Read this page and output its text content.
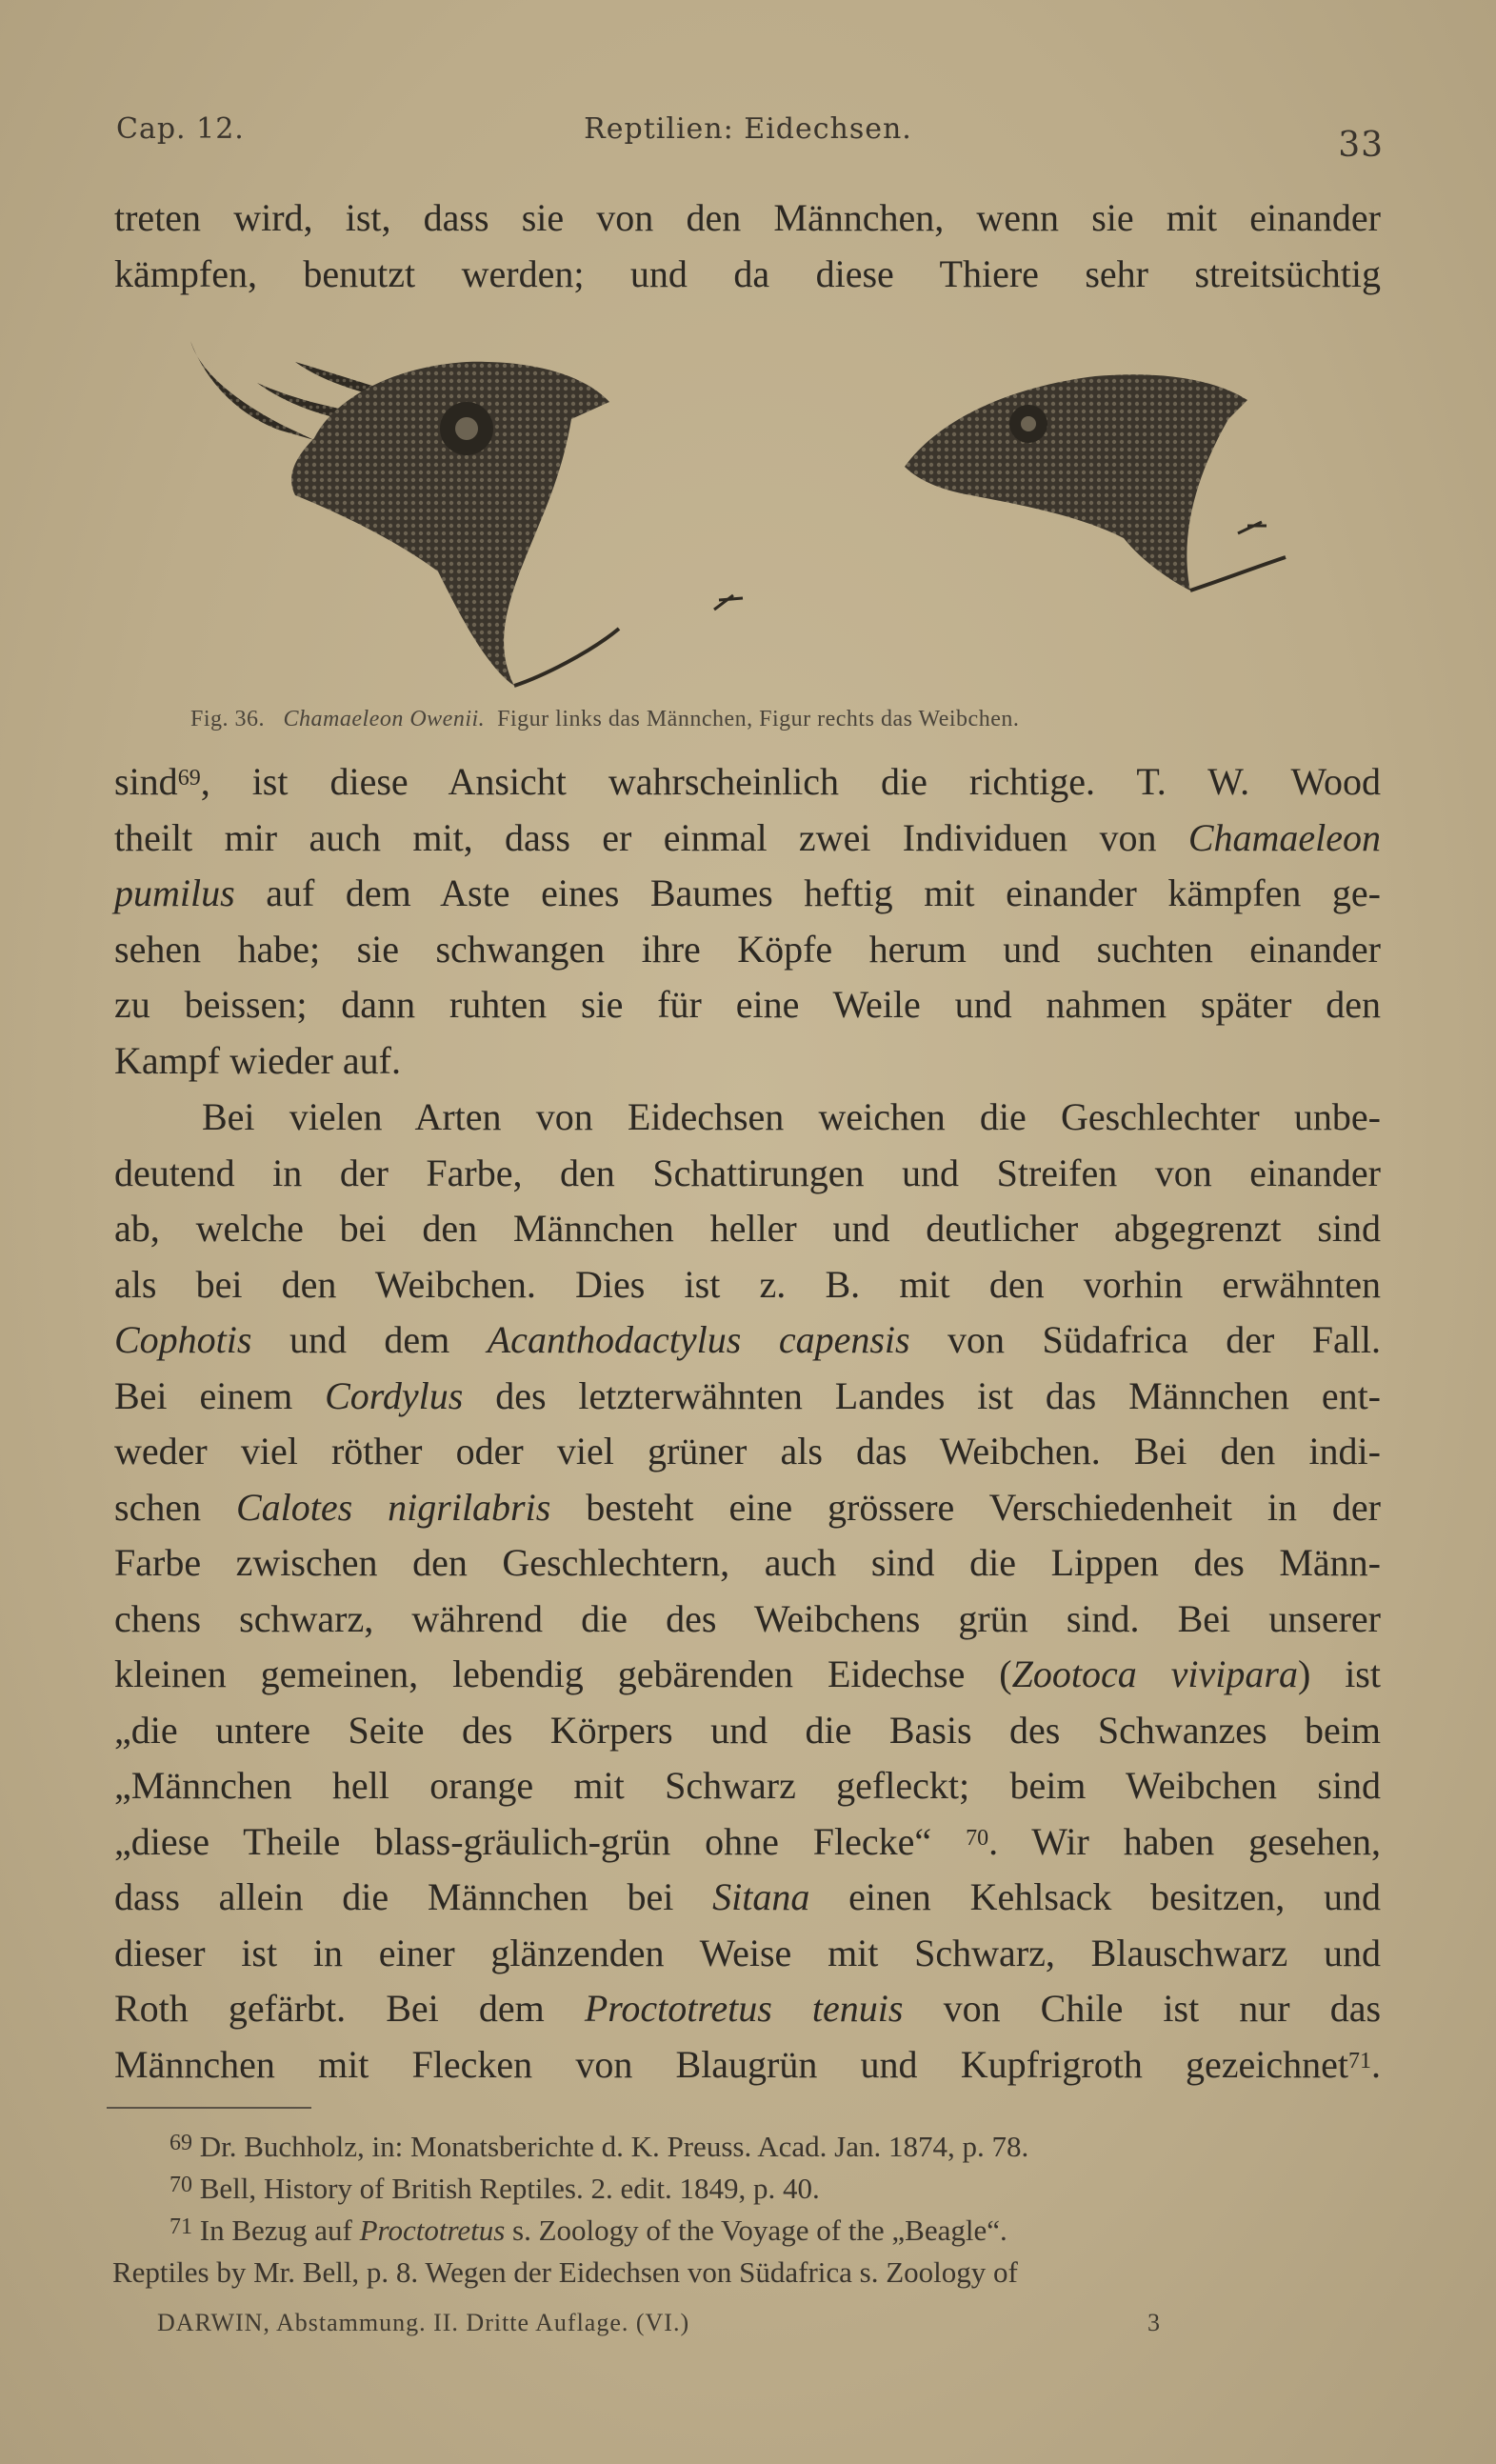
Cap. 12.	Reptilien: Eidechsen.	33
treten wird, ist, dass sie von den Männchen, wenn sie mit einander
kämpfen, benutzt werden; und da diese Thiere sehr streitsüchtig
Fig. 36. Chamaeleon Owenii. Figur links das Männchen, Figur rechts das Weibchen.
sind$^{69}$, ist diese Ansicht wahrscheinlich die richtige. T. W. Wood
theilt mir auch mit, dass er einmal zwei Individuen von Chamaeleon
pumilus auf dem Aste eines Baumes heftig mit einander kämpfen ge-
sehen habe; sie schwangen ihre Köpfe herum und suchten einander
zu beissen; dann ruhten sie für eine Weile und nahmen später den
Kampf wieder auf.
Bei vielen Arten von Eidechsen weichen die Geschlechter unbe-
deutend in der Farbe, den Schattirungen und Streifen von einander
ab, welche bei den Männchen heller und deutlicher abgegrenzt sind
als bei den Weibchen. Dies ist z. B. mit den vorhin erwähnten
Cophotis und dem Acanthodactylus capensis von Südafrica der Fall.
Bei einem Cordylus des letzterwähnten Landes ist das Männchen ent-
weder viel röther oder viel grüner als das Weibchen. Bei den indi-
schen Calotes nigrilabris besteht eine grössere Verschiedenheit in der
Farbe zwischen den Geschlechtern, auch sind die Lippen des Männ-
chens schwarz, während die des Weibchens grün sind. Bei unserer
kleinen gemeinen, lebendig gebärenden Eidechse (Zootoca vivipara) ist
„die untere Seite des Körpers und die Basis des Schwanzes beim
„Männchen hell orange mit Schwarz gefleckt; beim Weibchen sind
„diese Theile blass-gräulich-grün ohne Flecke“ $^{70}$. Wir haben gesehen,
dass allein die Männchen bei Sitana einen Kehlsack besitzen, und
dieser ist in einer glänzenden Weise mit Schwarz, Blauschwarz und
Roth gefärbt. Bei dem Proctotretus tenuis von Chile ist nur das
Männchen mit Flecken von Blaugrün und Kupfrigroth gezeichnet$^{71}$.
$^{69}$ Dr. Buchholz, in: Monatsberichte d. K. Preuss. Acad. Jan. 1874, p. 78.
$^{70}$ Bell, History of British Reptiles. 2. edit. 1849, p. 40.
$^{71}$ In Bezug auf Proctotretus s. Zoology of the Voyage of the „Beagle“.
Reptiles by Mr. Bell, p. 8. Wegen der Eidechsen von Südafrica s. Zoology of
DARWIN, Abstammung. II. Dritte Auflage. (VI.)	3
